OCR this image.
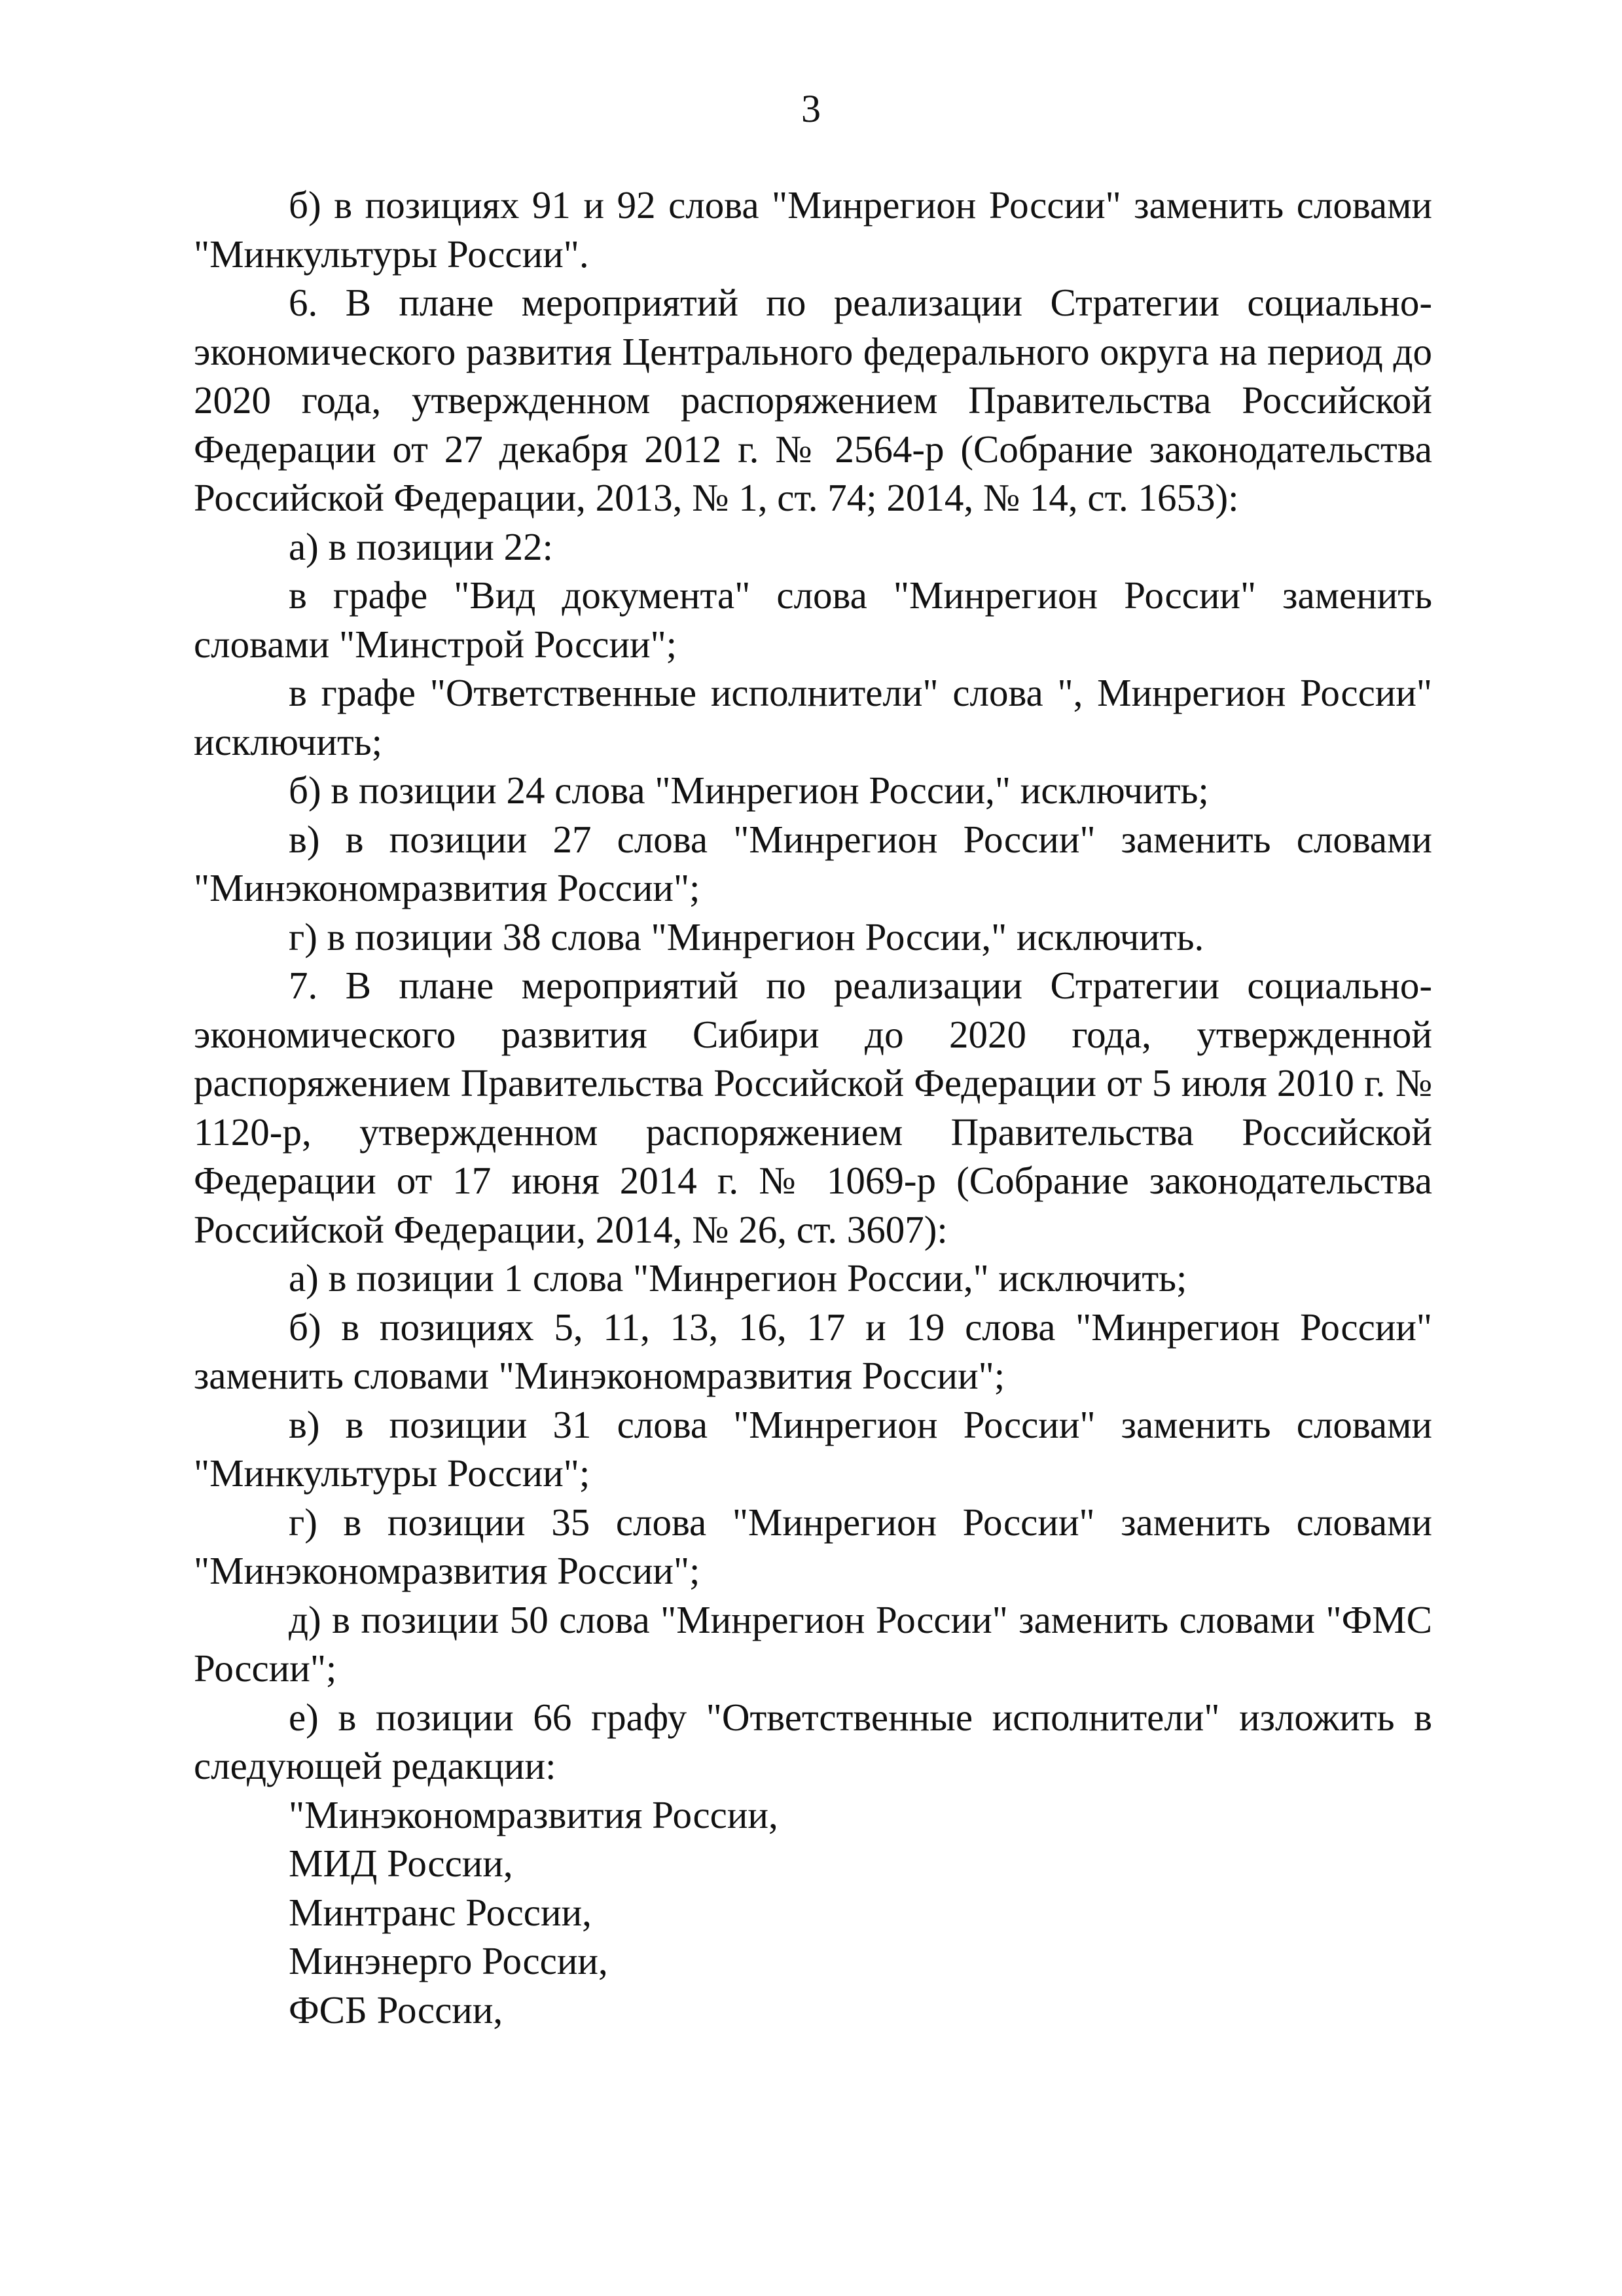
3

б) в позициях 91 и 92 слова "Минрегион России" заменить словами "Минкультуры России".

6. В плане мероприятий по реализации Стратегии социально-экономического развития Центрального федерального округа на период до 2020 года, утвержденном распоряжением Правительства Российской Федерации от 27 декабря 2012 г. № 2564-р (Собрание законодательства Российской Федерации, 2013, № 1, ст. 74; 2014, № 14, ст. 1653):

а) в позиции 22:

в графе "Вид документа" слова "Минрегион России" заменить словами "Минстрой России";

в графе "Ответственные исполнители" слова ", Минрегион России" исключить;

б) в позиции 24 слова "Минрегион России," исключить;

в) в позиции 27 слова "Минрегион России" заменить словами "Минэкономразвития России";

г) в позиции 38 слова "Минрегион России," исключить.

7. В плане мероприятий по реализации Стратегии социально-экономического развития Сибири до 2020 года, утвержденной распоряжением Правительства Российской Федерации от 5 июля 2010 г. № 1120-р, утвержденном распоряжением Правительства Российской Федерации от 17 июня 2014 г. № 1069-р (Собрание законодательства Российской Федерации, 2014, № 26, ст. 3607):

а) в позиции 1 слова "Минрегион России," исключить;

б) в позициях 5, 11, 13, 16, 17 и 19 слова "Минрегион России" заменить словами "Минэкономразвития России";

в) в позиции 31 слова "Минрегион России" заменить словами "Минкультуры России";

г) в позиции 35 слова "Минрегион России" заменить словами "Минэкономразвития России";

д) в позиции 50 слова "Минрегион России" заменить словами "ФМС России";

е) в позиции 66 графу "Ответственные исполнители" изложить в следующей редакции:

"Минэкономразвития России,

МИД России,

Минтранс России,

Минэнерго России,

ФСБ России,
